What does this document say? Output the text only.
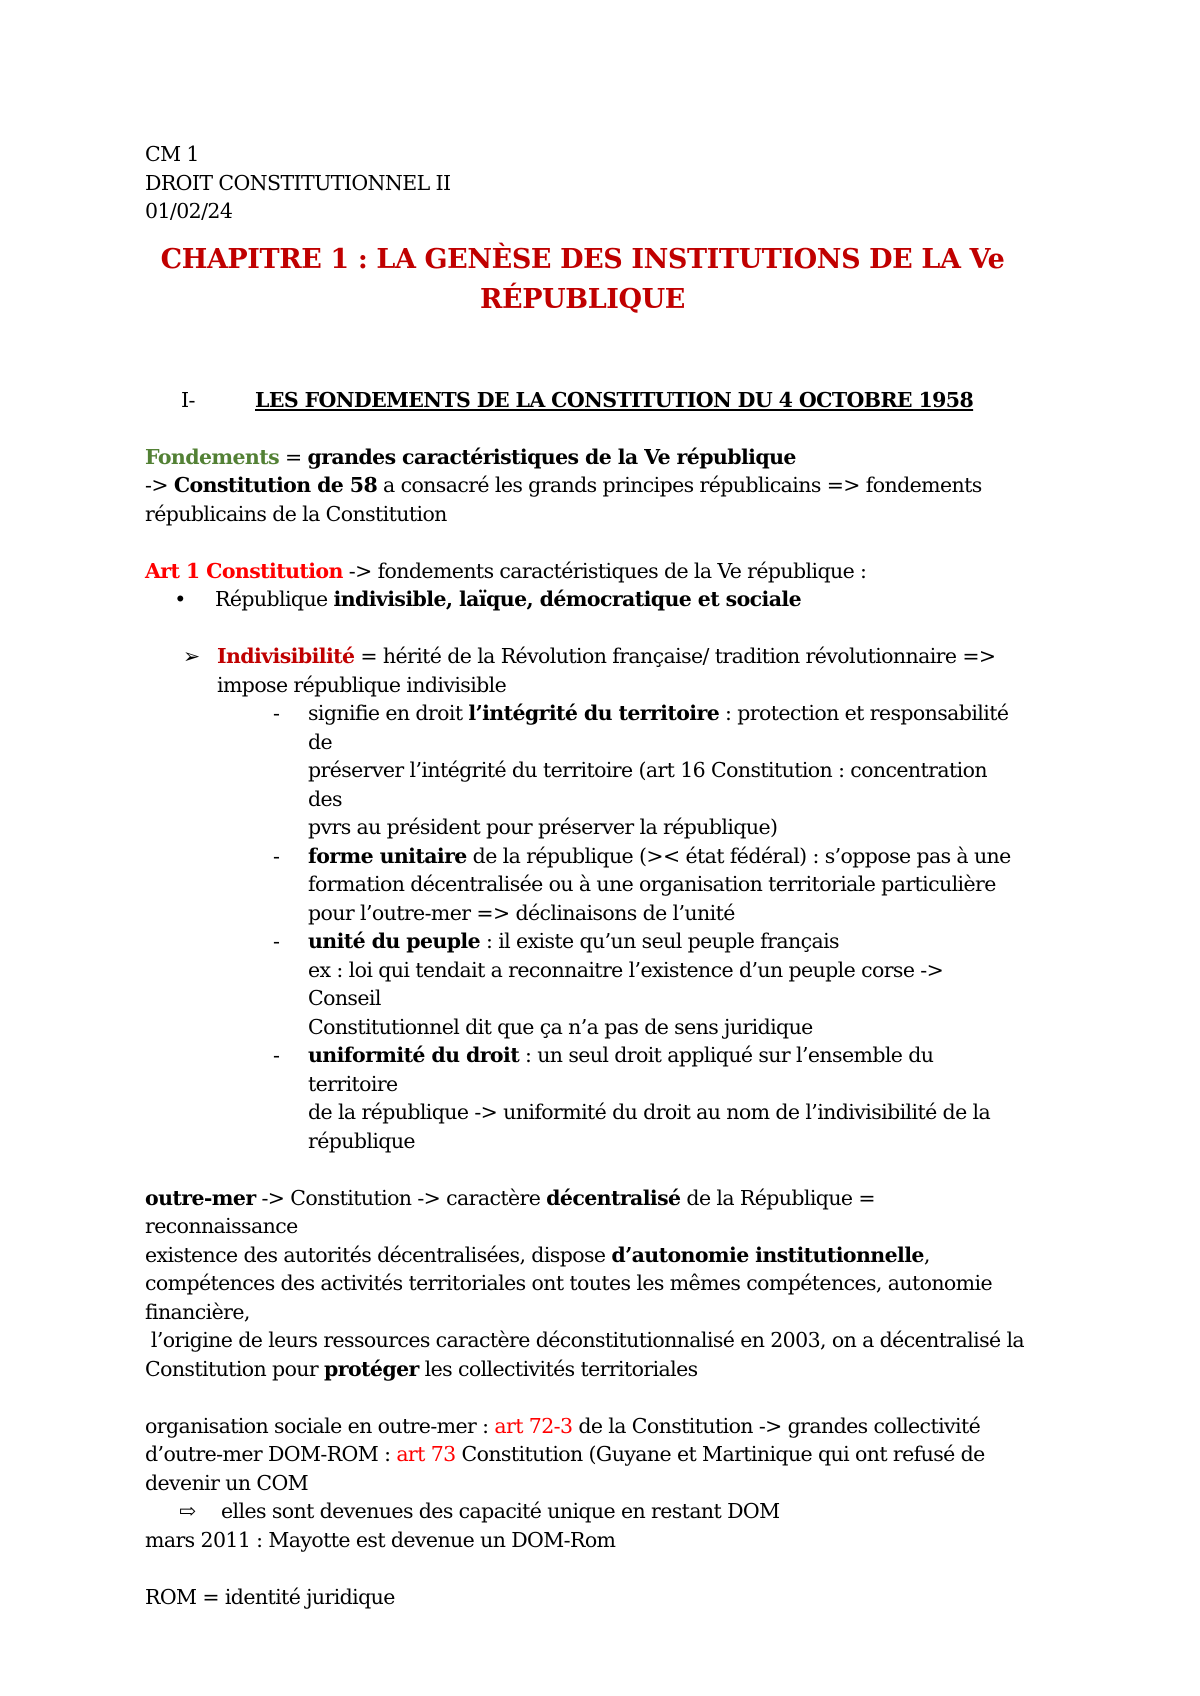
CM 1

DROIT CONSTITUTIONNEL II

01/02/24

CHAPITRE 1 : LA GENÈSE DES INSTITUTIONS DE LA Ve
RÉPUBLIQUE

I-	LES FONDEMENTS DE LA CONSTITUTION DU 4 OCTOBRE 1958

Fondements = grandes caractéristiques de la Ve république

-> Constitution de 58 a consacré les grands principes républicains => fondements

républicains de la Constitution

Art 1 Constitution -> fondements caractéristiques de la Ve république :

•	République indivisible, laïque, démocratique et sociale
➢ Indivisibilité = hérité de la Révolution française/ tradition révolutionnaire =>
impose république indivisible
-	signifie en droit l’intégrité du territoire : protection et responsabilité de
préserver l’intégrité du territoire (art 16 Constitution : concentration des
pvrs au président pour préserver la république)
-	forme unitaire de la république (>< état fédéral) : s’oppose pas à une
formation décentralisée ou à une organisation territoriale particulière
pour l’outre-mer => déclinaisons de l’unité
-	unité du peuple : il existe qu’un seul peuple français
ex : loi qui tendait a reconnaitre l’existence d’un peuple corse -> Conseil
Constitutionnel dit que ça n’a pas de sens juridique
-	uniformité du droit : un seul droit appliqué sur l’ensemble du territoire
de la république -> uniformité du droit au nom de l’indivisibilité de la
république

outre-mer -> Constitution -> caractère décentralisé de la République = reconnaissance

existence des autorités décentralisées, dispose d’autonomie institutionnelle,

compétences des activités territoriales ont toutes les mêmes compétences, autonomie

financière,

l’origine de leurs ressources caractère déconstitutionnalisé en 2003, on a décentralisé la

Constitution pour protéger les collectivités territoriales

organisation sociale en outre-mer : art 72-3 de la Constitution -> grandes collectivité

d’outre-mer DOM-ROM : art 73 Constitution (Guyane et Martinique qui ont refusé de

devenir un COM

⇨	elles sont devenues des capacité unique en restant DOM

mars 2011 : Mayotte est devenue un DOM-Rom

ROM = identité juridique
